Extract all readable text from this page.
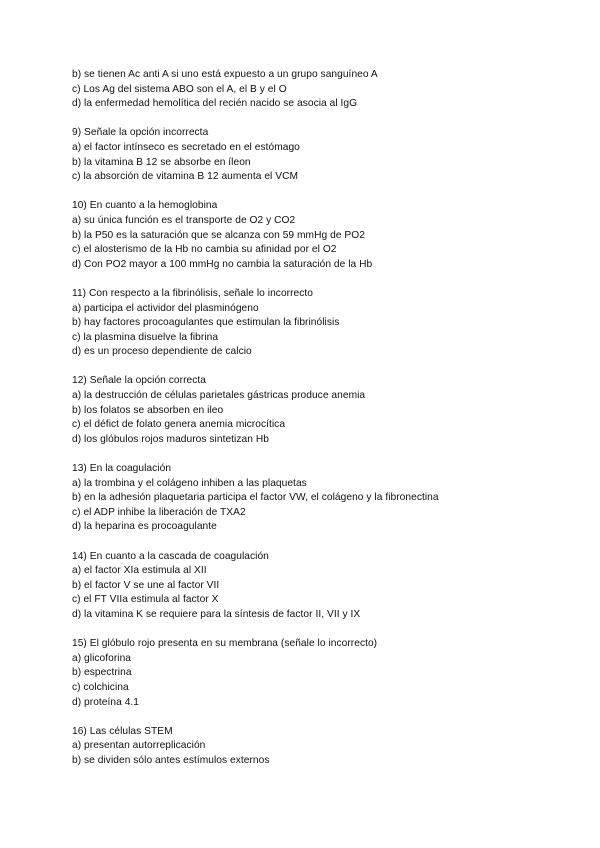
b) se tienen Ac anti A si uno está expuesto a un grupo sanguíneo A
c) Los Ag del sistema ABO son el A, el B y el O
d) la enfermedad hemolítica del recién nacido se asocia al IgG
9) Señale la opción incorrecta
a) el factor intínseco es secretado en el estómago
b) la vitamina B 12 se absorbe en íleon
c) la absorción de vitamina B 12 aumenta el VCM
10) En cuanto a la hemoglobina
a) su única función es el transporte de O2 y CO2
b) la P50 es la saturación que se alcanza con 59 mmHg de PO2
c) el alosterismo de la Hb no cambia su afinidad por el O2
d) Con PO2 mayor a 100 mmHg no cambia la saturación de la Hb
11) Con respecto a la fibrinólisis, señale lo incorrecto
a) participa el actividor del plasminógeno
b) hay factores procoagulantes que estimulan la fibrinólisis
c) la plasmina disuelve la fibrina
d) es un proceso dependiente de calcio
12) Señale la opción correcta
a) la destrucción de células parietales gástricas produce anemia
b) los folatos se absorben en ileo
c) el défict de folato genera anemia microcítica
d) los glóbulos rojos maduros sintetizan Hb
13) En la coagulación
a) la trombina y el colágeno inhiben a las plaquetas
b) en la adhesión plaquetaria participa el factor VW, el colágeno y la fibronectina
c) el ADP inhibe la liberación de TXA2
d) la heparina es procoagulante
14) En cuanto a la cascada de coagulación
a) el factor XIa estimula al XII
b) el factor V se une al factor VII
c) el FT VIIa estimula al factor X
d) la vitamina K se requiere para la síntesis de factor II, VII y IX
15) El glóbulo rojo presenta en su membrana (señale lo incorrecto)
a) glicoforina
b) espectrina
c) colchicina
d) proteína 4.1
16) Las células STEM
a) presentan autorreplicación
b) se dividen sólo antes estímulos externos
